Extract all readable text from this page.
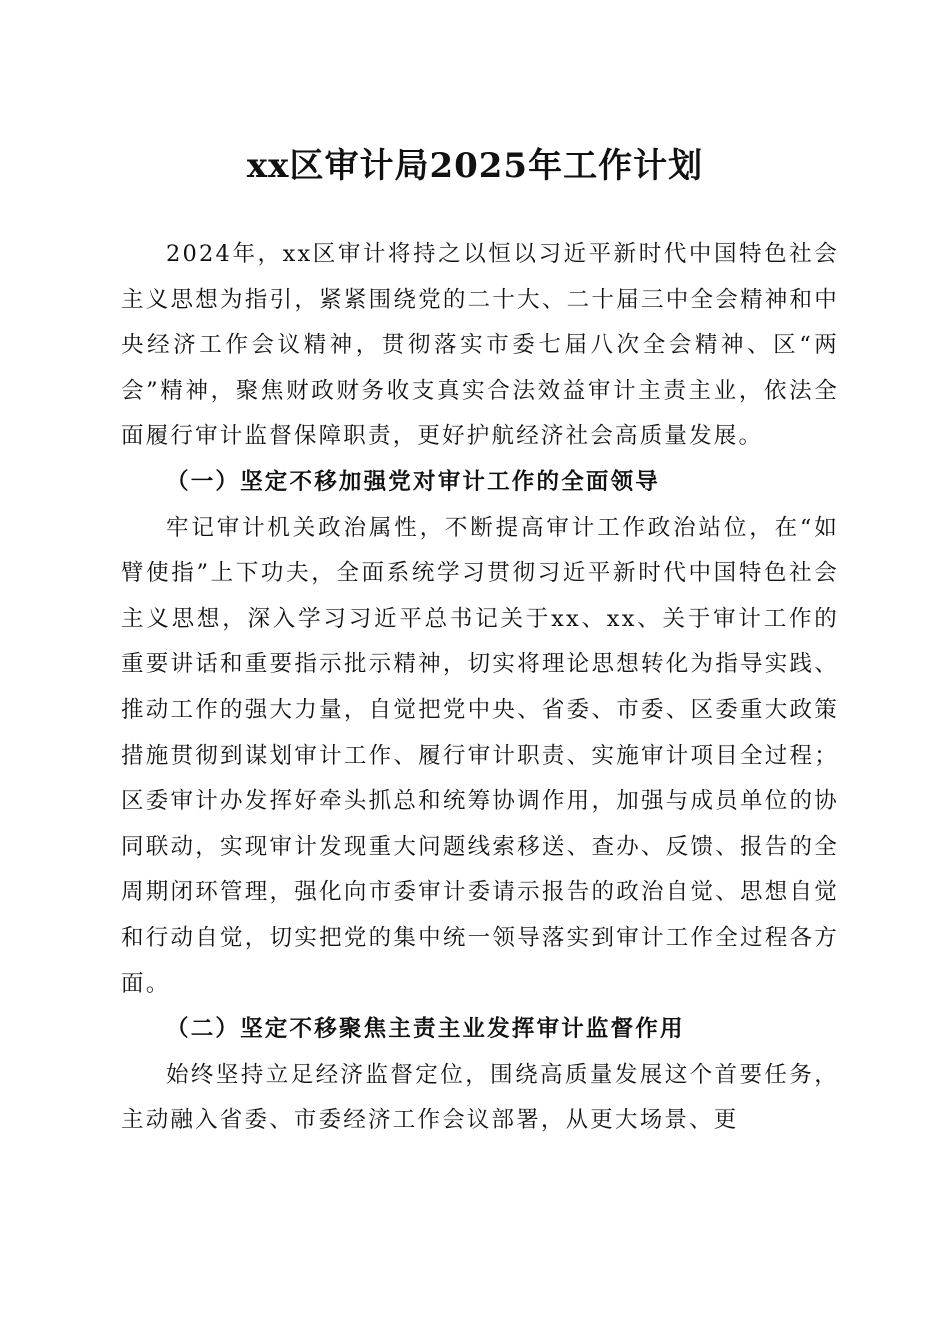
xx区审计局2025年工作计划

2024年，xx区审计将持之以恒以习近平新时代中国特色社会主义思想为指引，紧紧围绕党的二十大、二十届三中全会精神和中央经济工作会议精神，贯彻落实市委七届八次全会精神、区“两会”精神，聚焦财政财务收支真实合法效益审计主责主业，依法全面履行审计监督保障职责，更好护航经济社会高质量发展。

（一）坚定不移加强党对审计工作的全面领导

牢记审计机关政治属性，不断提高审计工作政治站位，在“如臂使指”上下功夫，全面系统学习贯彻习近平新时代中国特色社会主义思想，深入学习习近平总书记关于xx、xx、关于审计工作的重要讲话和重要指示批示精神，切实将理论思想转化为指导实践、推动工作的强大力量，自觉把党中央、省委、市委、区委重大政策措施贯彻到谋划审计工作、履行审计职责、实施审计项目全过程；区委审计办发挥好牵头抓总和统筹协调作用，加强与成员单位的协同联动，实现审计发现重大问题线索移送、查办、反馈、报告的全周期闭环管理，强化向市委审计委请示报告的政治自觉、思想自觉和行动自觉，切实把党的集中统一领导落实到审计工作全过程各方面。

（二）坚定不移聚焦主责主业发挥审计监督作用

始终坚持立足经济监督定位，围绕高质量发展这个首要任务，主动融入省委、市委经济工作会议部署，从更大场景、更
